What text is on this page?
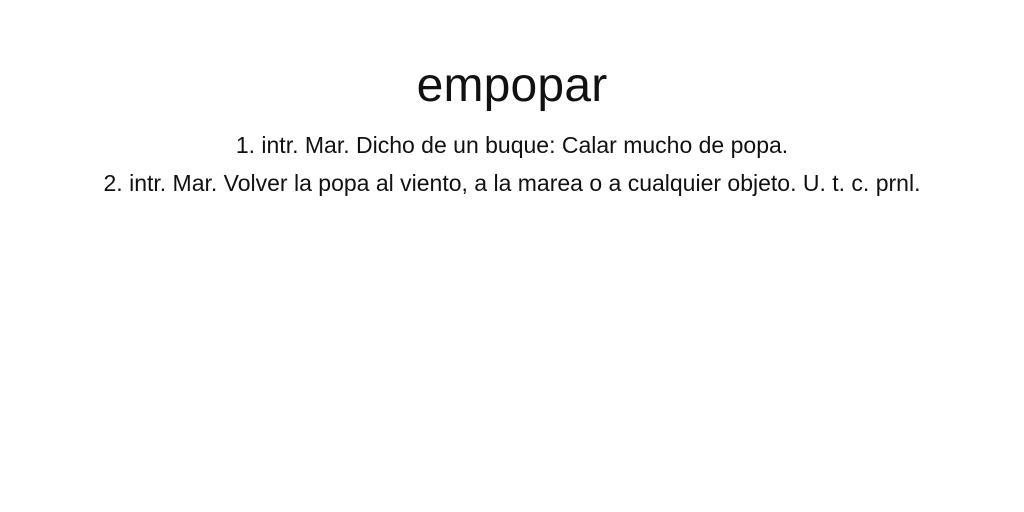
empopar
1. intr. Mar. Dicho de un buque: Calar mucho de popa.
2. intr. Mar. Volver la popa al viento, a la marea o a cualquier objeto. U. t. c. prnl.
